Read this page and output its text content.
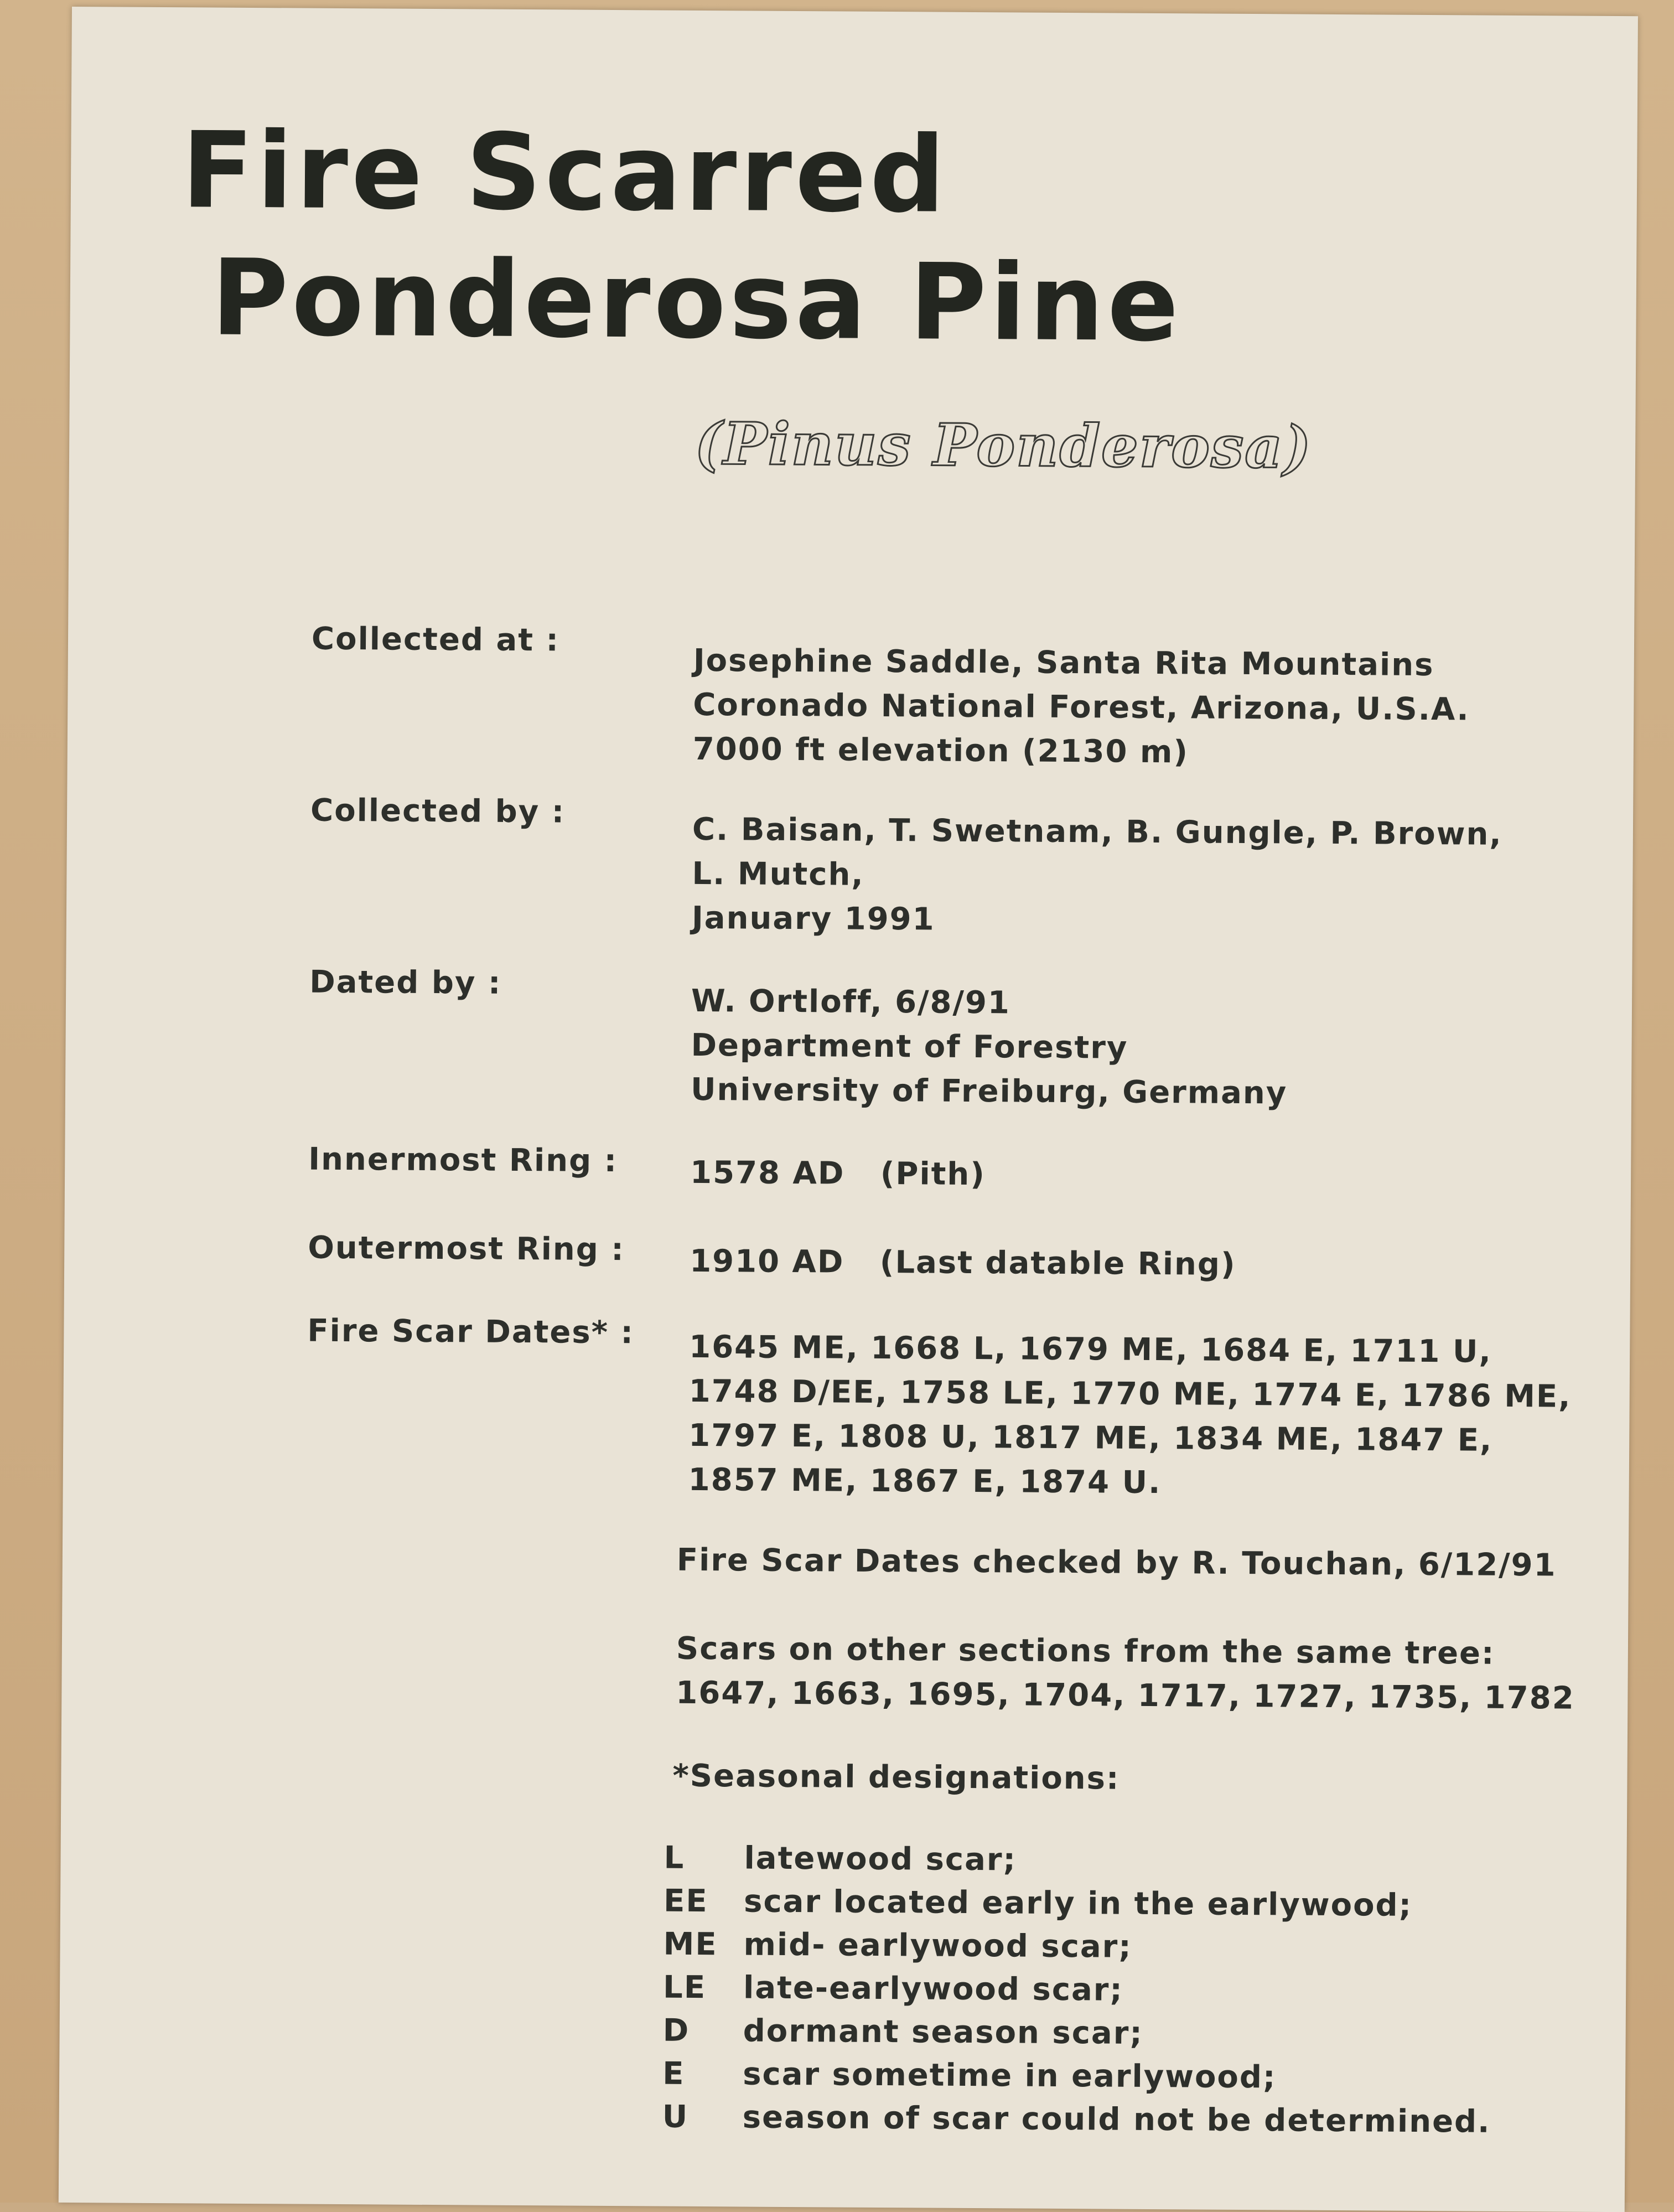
Fire Scarred
Ponderosa Pine
(Pinus Ponderosa)
Collected at :
Josephine Saddle, Santa Rita Mountains
Coronado National Forest, Arizona, U.S.A.
7000 ft elevation (2130 m)
Collected by :
C. Baisan, T. Swetnam, B. Gungle, P. Brown,
L. Mutch,
January 1991
Dated by :
W. Ortloff, 6/8/91
Department of Forestry
University of Freiburg, Germany
Innermost Ring : 1578 AD   (Pith)
Outermost Ring : 1910 AD   (Last datable Ring)
Fire Scar Dates* : 1645 ME, 1668 L, 1679 ME, 1684 E, 1711 U,
1748 D/EE, 1758 LE, 1770 ME, 1774 E, 1786 ME,
1797 E, 1808 U, 1817 ME, 1834 ME, 1847 E,
1857 ME, 1867 E, 1874 U.
Fire Scar Dates checked by R. Touchan, 6/12/91
Scars on other sections from the same tree:
1647, 1663, 1695, 1704, 1717, 1727, 1735, 1782
*Seasonal designations:
L latewood scar;
EE scar located early in the earlywood;
ME mid- earlywood scar;
LE late-earlywood scar;
D dormant season scar;
E scar sometime in earlywood;
U season of scar could not be determined.
